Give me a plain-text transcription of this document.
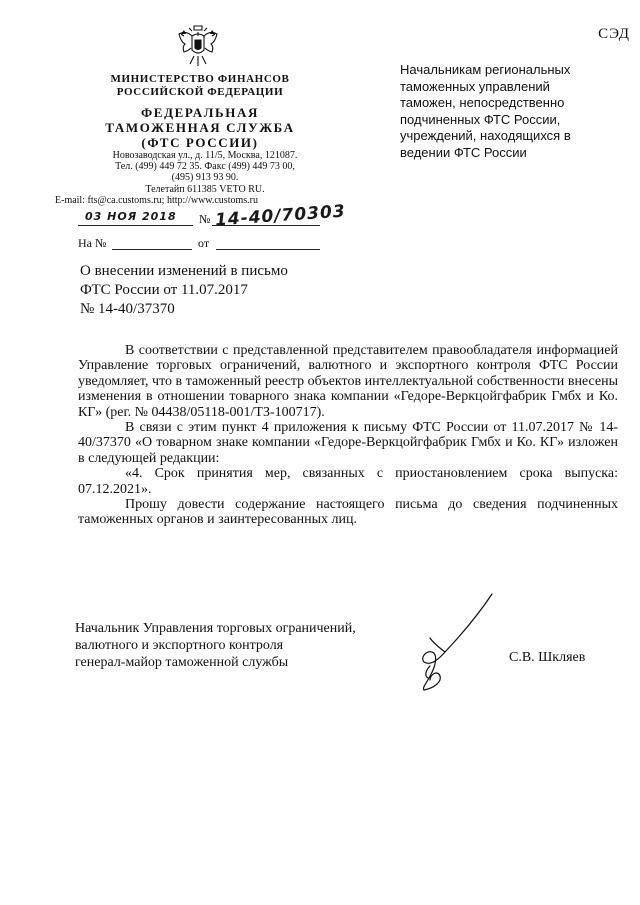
СЭД
МИНИСТЕРСТВО ФИНАНСОВ
РОССИЙСКОЙ ФЕДЕРАЦИИ
ФЕДЕРАЛЬНАЯ
ТАМОЖЕННАЯ СЛУЖБА
(ФТС РОССИИ)
Новозаводская ул., д. 11/5, Москва, 121087.
Тел. (499) 449 72 35. Факс (499) 449 73 00,
(495) 913 93 90.
Телетайп 611385 VETO RU.
E-mail: fts@ca.customs.ru; http://www.customs.ru
03 НОЯ 2018 № 14-40/70303
На №	от
Начальникам региональных таможенных управлений таможен, непосредственно подчиненных ФТС России, учреждений, находящихся в ведении ФТС России
О внесении изменений в письмо
ФТС России от 11.07.2017
№ 14-40/37370

В соответствии с представленной представителем правообладателя информацией Управление торговых ограничений, валютного и экспортного контроля ФТС России уведомляет, что в таможенный реестр объектов интеллектуальной собственности внесены изменения в отношении товарного знака компании «Гедоре-Веркцойгфабрик Гмбх и Ко. КГ» (рег. № 04438/05118-001/ТЗ-100717).

В связи с этим пункт 4 приложения к письму ФТС России от 11.07.2017 № 14-40/37370 «О товарном знаке компании «Гедоре-Веркцойгфабрик Гмбх и Ко. КГ» изложен в следующей редакции:

«4. Срок принятия мер, связанных с приостановлением срока выпуска: 07.12.2021».

Прошу довести содержание настоящего письма до сведения подчиненных таможенных органов и заинтересованных лиц.

Начальник Управления торговых ограничений,
валютного и экспортного контроля
генерал-майор таможенной службы	С.В. Шкляев
